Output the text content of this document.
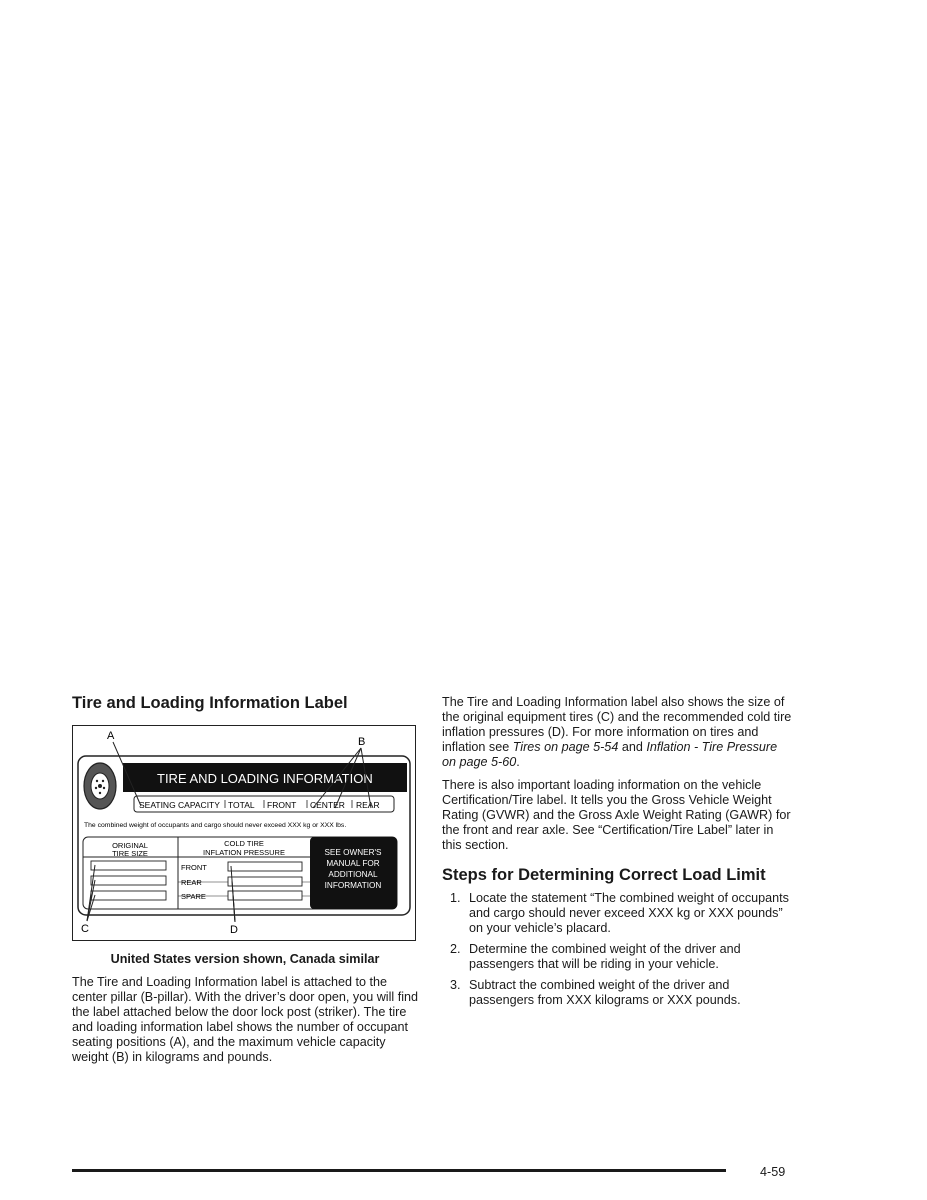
Tire and Loading Information Label
A	B
C	D
TIRE AND LOADING INFORMATION
SEATING CAPACITY TOTAL FRONT CENTER REAR
The combined weight of occupants and cargo should never exceed XXX kg or XXX lbs.
ORIGINAL
TIRE SIZE
COLD TIRE
INFLATION PRESSURE
FRONT
REAR
SPARE
SEE OWNER'S
MANUAL FOR
ADDITIONAL
INFORMATION
United States version shown, Canada similar

The Tire and Loading Information label is attached to the center pillar (B-pillar). With the driver’s door open, you will find the label attached below the door lock post (striker). The tire and loading information label shows the number of occupant seating positions (A), and the maximum vehicle capacity weight (B) in kilograms and pounds.

The Tire and Loading Information label also shows the size of the original equipment tires (C) and the recommended cold tire inflation pressures (D). For more information on tires and inflation see Tires on page 5-54 and Inflation - Tire Pressure on page 5-60.

There is also important loading information on the vehicle Certification/Tire label. It tells you the Gross Vehicle Weight Rating (GVWR) and the Gross Axle Weight Rating (GAWR) for the front and rear axle. See “Certification/Tire Label” later in this section.

Steps for Determining Correct Load Limit
1. Locate the statement “The combined weight of occupants and cargo should never exceed XXX kg or XXX pounds” on your vehicle’s placard.
2. Determine the combined weight of the driver and passengers that will be riding in your vehicle.
3. Subtract the combined weight of the driver and passengers from XXX kilograms or XXX pounds.
4-59
